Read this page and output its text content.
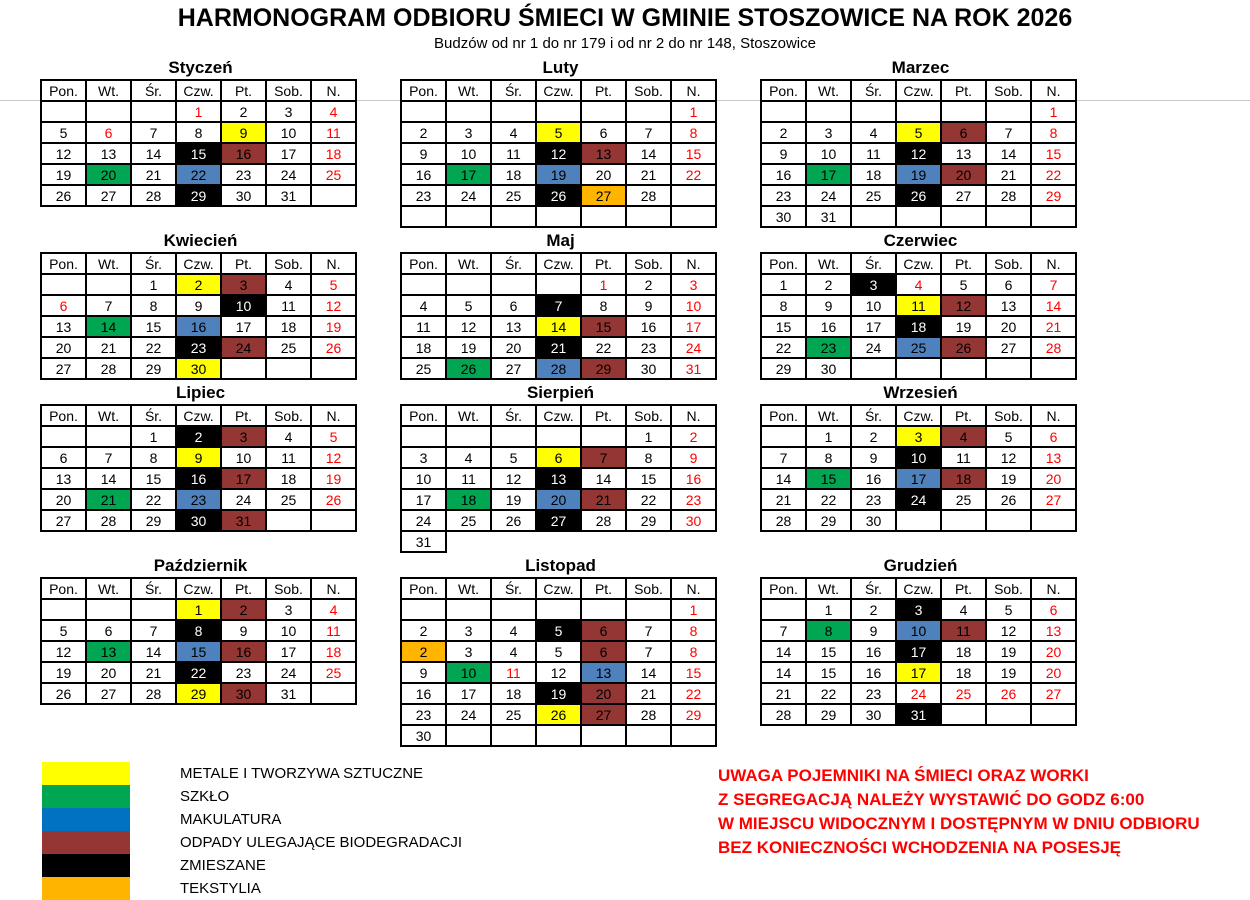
HARMONOGRAM ODBIORU ŚMIECI W GMINIE STOSZOWICE NA ROK 2026
Budzów od nr 1 do nr 179 i od nr 2 do nr 148, Stoszowice
Styczeń
Pon.	Wt.	Śr.	Czw.	Pt.	Sob.	N.
			1	2	3	4
5	6	7	8	9	10	11
12	13	14	15	16	17	18
19	20	21	22	23	24	25
26	27	28	29	30	31	
Luty
Pon.	Wt.	Śr.	Czw.	Pt.	Sob.	N.
						1
2	3	4	5	6	7	8
9	10	11	12	13	14	15
16	17	18	19	20	21	22
23	24	25	26	27	28	

Marzec
Pon.	Wt.	Śr.	Czw.	Pt.	Sob.	N.
						1
2	3	4	5	6	7	8
9	10	11	12	13	14	15
16	17	18	19	20	21	22
23	24	25	26	27	28	29
30	31					
Kwiecień
Pon.	Wt.	Śr.	Czw.	Pt.	Sob.	N.
		1	2	3	4	5
6	7	8	9	10	11	12
13	14	15	16	17	18	19
20	21	22	23	24	25	26
27	28	29	30			
Maj
Pon.	Wt.	Śr.	Czw.	Pt.	Sob.	N.
				1	2	3
4	5	6	7	8	9	10
11	12	13	14	15	16	17
18	19	20	21	22	23	24
25	26	27	28	29	30	31
Czerwiec
Pon.	Wt.	Śr.	Czw.	Pt.	Sob.	N.
1	2	3	4	5	6	7
8	9	10	11	12	13	14
15	16	17	18	19	20	21
22	23	24	25	26	27	28
29	30					
Lipiec
Pon.	Wt.	Śr.	Czw.	Pt.	Sob.	N.
		1	2	3	4	5
6	7	8	9	10	11	12
13	14	15	16	17	18	19
20	21	22	23	24	25	26
27	28	29	30	31		
Sierpień
Pon.	Wt.	Śr.	Czw.	Pt.	Sob.	N.
					1	2
3	4	5	6	7	8	9
10	11	12	13	14	15	16
17	18	19	20	21	22	23
24	25	26	27	28	29	30
31						
Wrzesień
Pon.	Wt.	Śr.	Czw.	Pt.	Sob.	N.
	1	2	3	4	5	6
7	8	9	10	11	12	13
14	15	16	17	18	19	20
21	22	23	24	25	26	27
28	29	30				
Październik
Pon.	Wt.	Śr.	Czw.	Pt.	Sob.	N.
			1	2	3	4
5	6	7	8	9	10	11
12	13	14	15	16	17	18
19	20	21	22	23	24	25
26	27	28	29	30	31	
Listopad
Pon.	Wt.	Śr.	Czw.	Pt.	Sob.	N.
						1
2	3	4	5	6	7	8
2	3	4	5	6	7	8
9	10	11	12	13	14	15
16	17	18	19	20	21	22
23	24	25	26	27	28	29
30						
Grudzień
Pon.	Wt.	Śr.	Czw.	Pt.	Sob.	N.
	1	2	3	4	5	6
7	8	9	10	11	12	13
14	15	16	17	18	19	20
14	15	16	17	18	19	20
21	22	23	24	25	26	27
28	29	30	31			
METALE I TWORZYWA SZTUCZNE
SZKŁO
MAKULATURA
ODPADY ULEGAJĄCE BIODEGRADACJI
ZMIESZANE
TEKSTYLIA
UWAGA POJEMNIKI NA ŚMIECI ORAZ WORKI
Z SEGREGACJĄ NALEŻY WYSTAWIĆ DO GODZ 6:00
W MIEJSCU WIDOCZNYM I DOSTĘPNYM W DNIU ODBIORU
BEZ KONIECZNOŚCI WCHODZENIA NA POSESJĘ
